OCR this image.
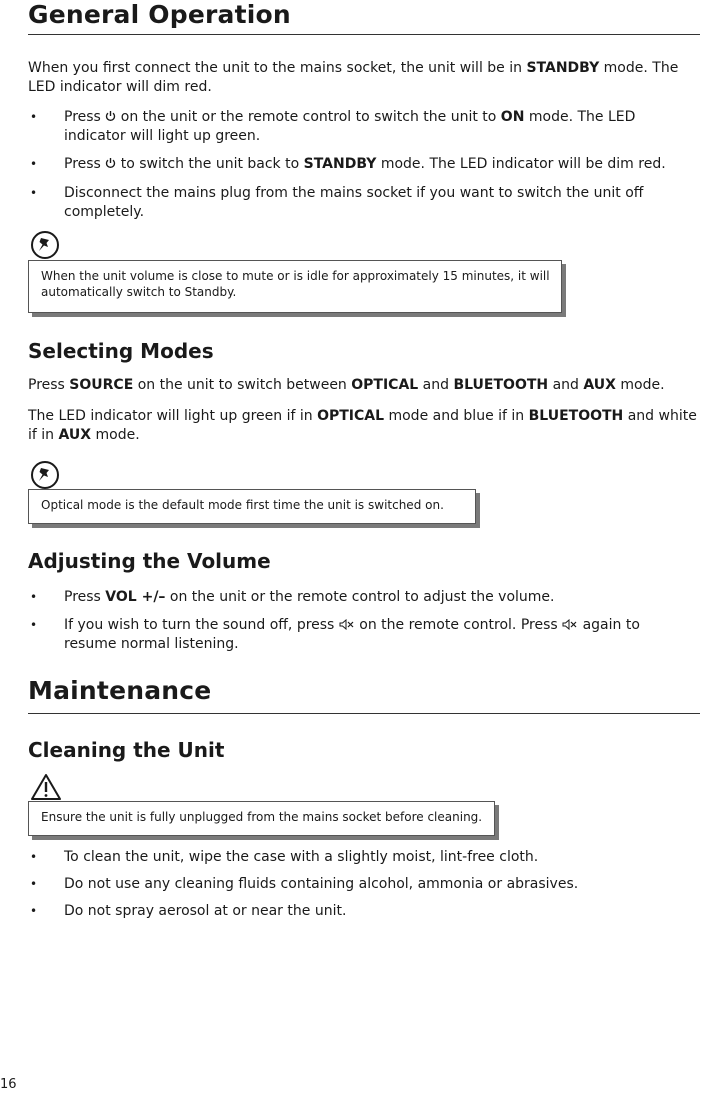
General Operation
When you first connect the unit to the mains socket, the unit will be in STANDBY mode. The LED indicator will dim red.
• Press  on the unit or the remote control to switch the unit to ON mode. The LED indicator will light up green.
• Press  to switch the unit back to STANDBY mode. The LED indicator will be dim red.
• Disconnect the mains plug from the mains socket if you want to switch the unit off completely.
When the unit volume is close to mute or is idle for approximately 15 minutes, it will automatically switch to Standby.
Selecting Modes
Press SOURCE on the unit to switch between OPTICAL and BLUETOOTH and AUX mode.
The LED indicator will light up green if in OPTICAL mode and blue if in BLUETOOTH and white if in AUX mode.
Optical mode is the default mode first time the unit is switched on.
Adjusting the Volume
• Press VOL +/– on the unit or the remote control to adjust the volume.
• If you wish to turn the sound off, press  on the remote control. Press  again to resume normal listening.
Maintenance
Cleaning the Unit
Ensure the unit is fully unplugged from the mains socket before cleaning.
• To clean the unit, wipe the case with a slightly moist, lint-free cloth.
• Do not use any cleaning fluids containing alcohol, ammonia or abrasives.
• Do not spray aerosol at or near the unit.
16
